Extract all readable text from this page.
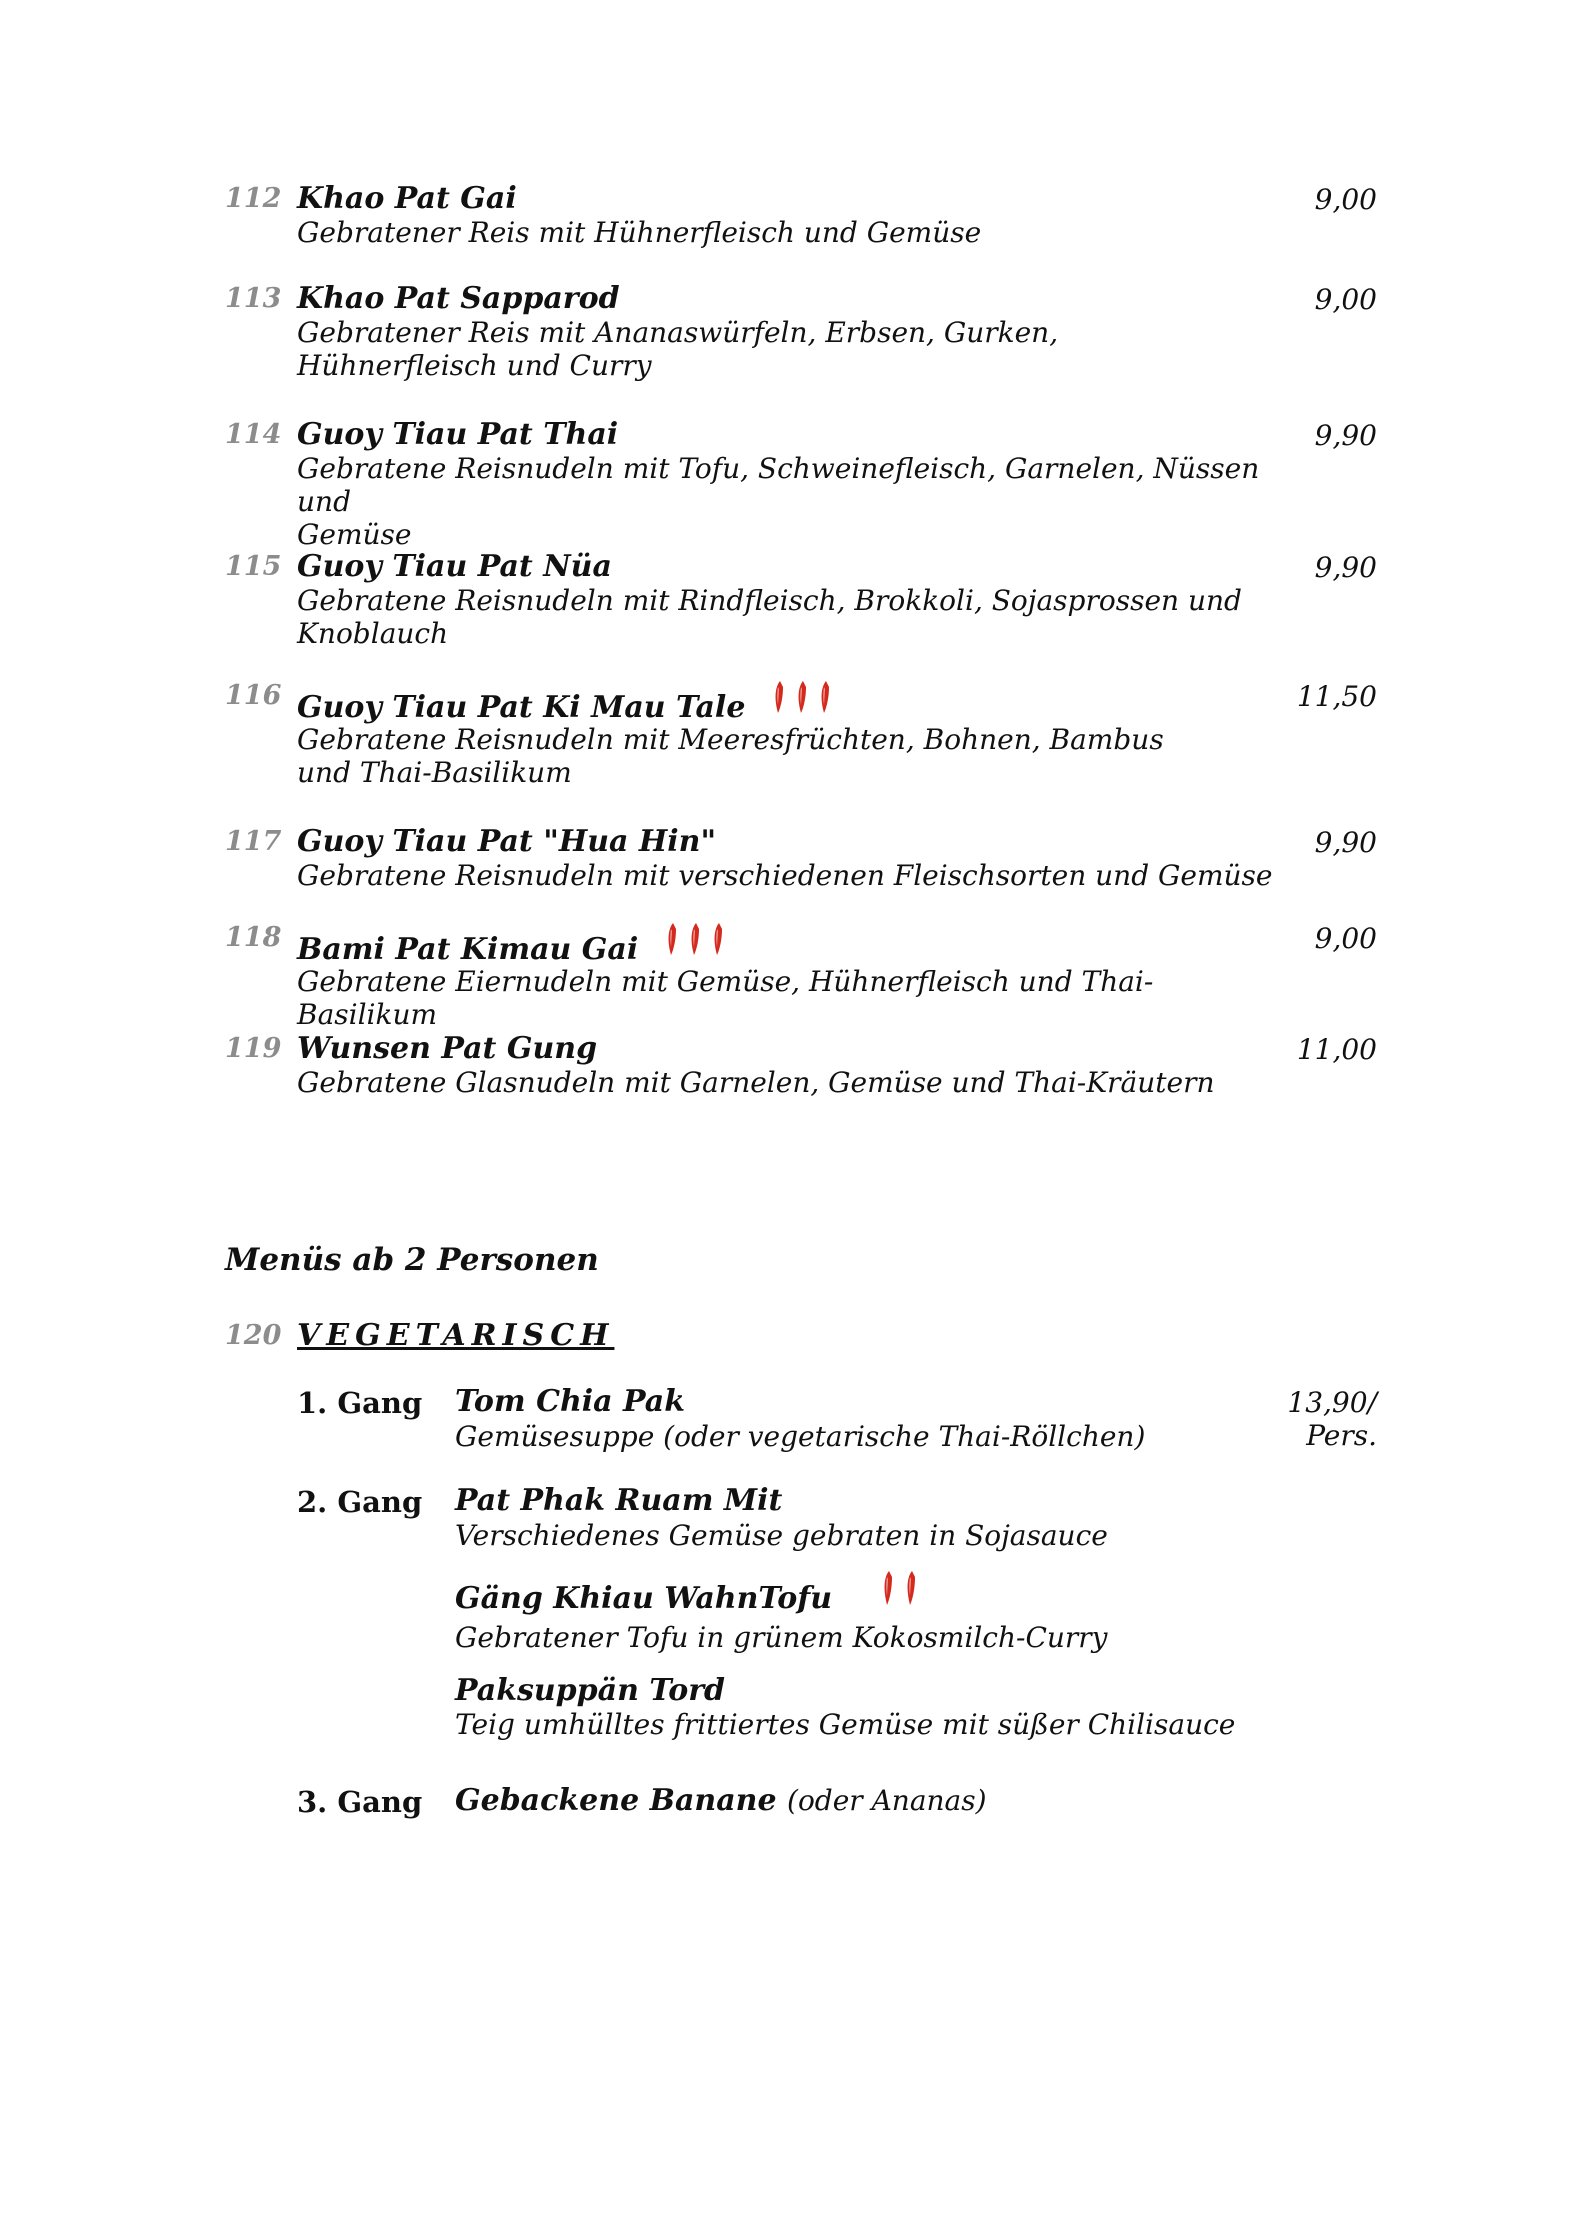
112 Khao Pat Gai	9,00
Gebratener Reis mit Hühnerfleisch und Gemüse
113 Khao Pat Sapparod	9,00
Gebratener Reis mit Ananaswürfeln, Erbsen, Gurken,
Hühnerfleisch und Curry
114 Guoy Tiau Pat Thai	9,90
Gebratene Reisnudeln mit Tofu, Schweinefleisch, Garnelen, Nüssen und
Gemüse
115 Guoy Tiau Pat Nüa	9,90
Gebratene Reisnudeln mit Rindfleisch, Brokkoli, Sojasprossen und
Knoblauch
116 Guoy Tiau Pat Ki Mau Tale	11,50
Gebratene Reisnudeln mit Meeresfrüchten, Bohnen, Bambus
und Thai-Basilikum
117 Guoy Tiau Pat "Hua Hin"	9,90
Gebratene Reisnudeln mit verschiedenen Fleischsorten und Gemüse
118 Bami Pat Kimau Gai	9,00
Gebratene Eiernudeln mit Gemüse, Hühnerfleisch und Thai-Basilikum
119 Wunsen Pat Gung	11,00
Gebratene Glasnudeln mit Garnelen, Gemüse und Thai-Kräutern
Menüs ab 2 Personen
120 VEGETARISCH
1. Gang Tom Chia Pak
Gemüsesuppe (oder vegetarische Thai-Röllchen)
13,90/
Pers.
2. Gang Pat Phak Ruam Mit
Verschiedenes Gemüse gebraten in Sojasauce
Gäng Khiau WahnTofu
Gebratener Tofu in grünem Kokosmilch-Curry
Paksuppän Tord
Teig umhülltes frittiertes Gemüse mit süßer Chilisauce
3. Gang Gebackene Banane (oder Ananas)
